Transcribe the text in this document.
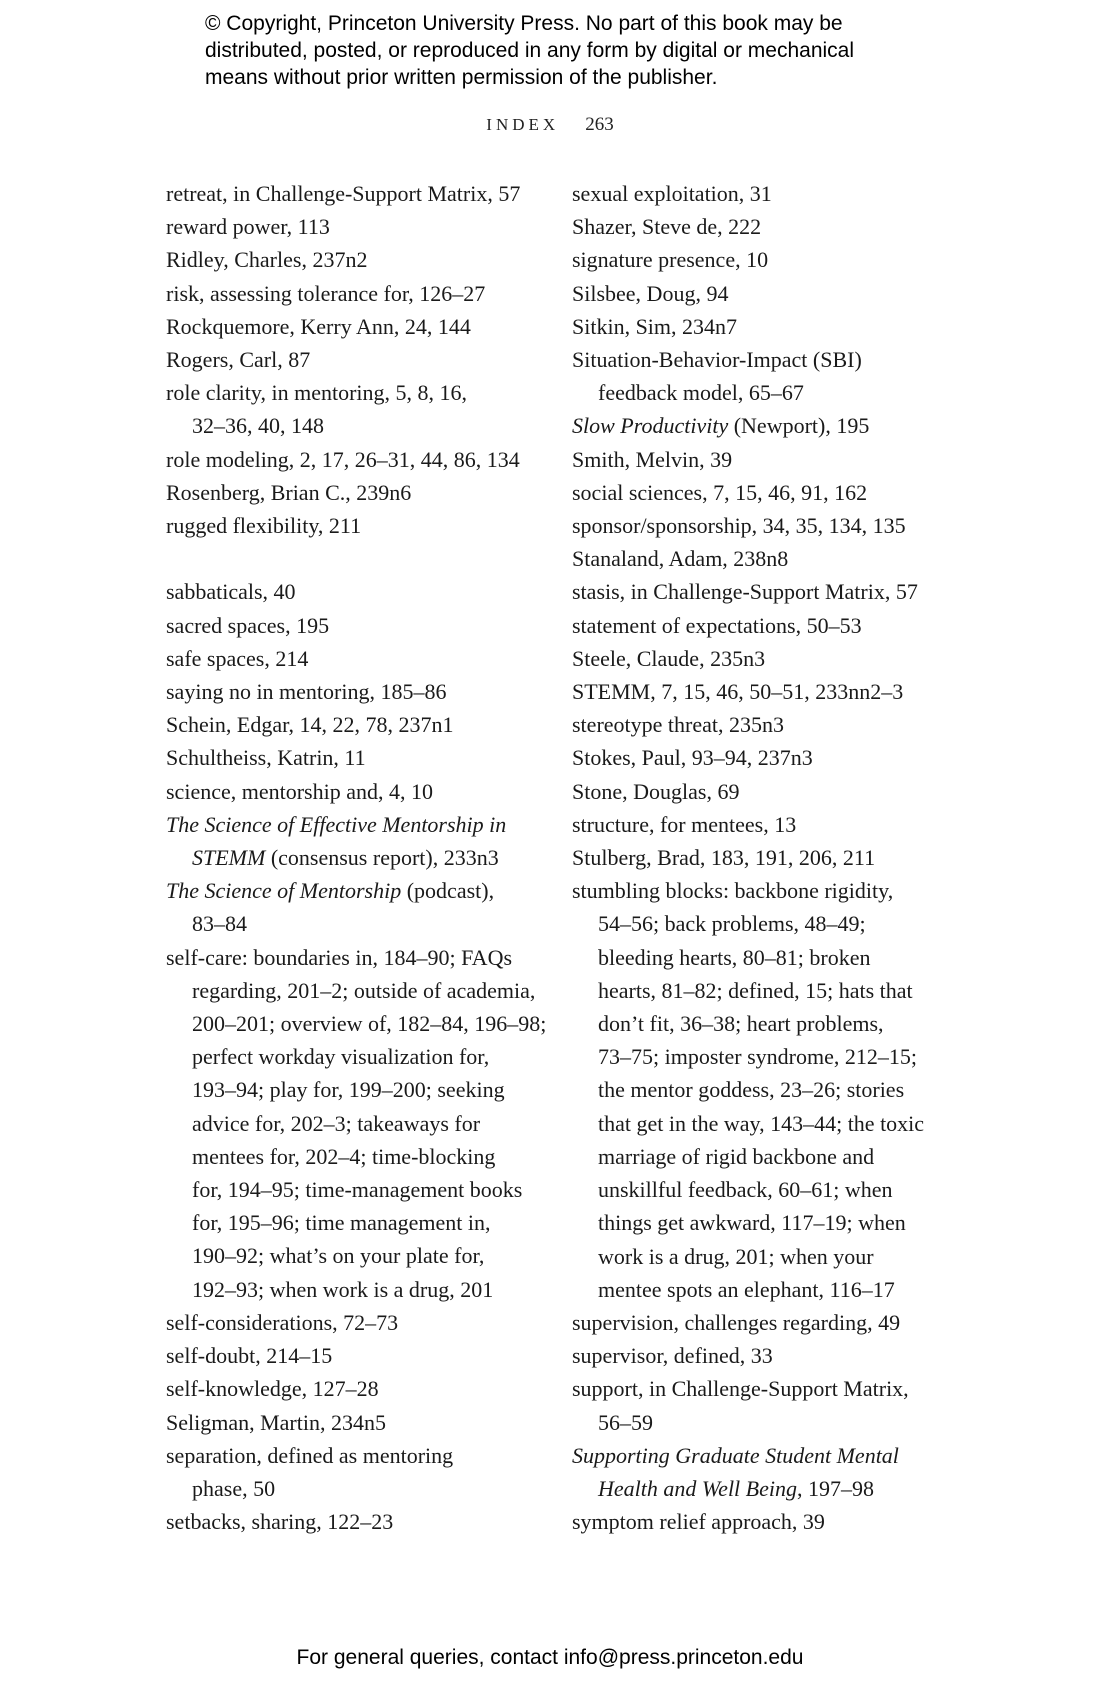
© Copyright, Princeton University Press. No part of this book may be
distributed, posted, or reproduced in any form by digital or mechanical
means without prior written permission of the publisher.
INDEX 263
retreat, in Challenge-Support Matrix, 57
reward power, 113
Ridley, Charles, 237n2
risk, assessing tolerance for, 126–27
Rockquemore, Kerry Ann, 24, 144
Rogers, Carl, 87
role clarity, in mentoring, 5, 8, 16,
32–36, 40, 148
role modeling, 2, 17, 26–31, 44, 86, 134
Rosenberg, Brian C., 239n6
rugged flexibility, 211
sabbaticals, 40
sacred spaces, 195
safe spaces, 214
saying no in mentoring, 185–86
Schein, Edgar, 14, 22, 78, 237n1
Schultheiss, Katrin, 11
science, mentorship and, 4, 10
The Science of Effective Mentorship in
STEMM (consensus report), 233n3
The Science of Mentorship (podcast),
83–84
self-care: boundaries in, 184–90; FAQs
regarding, 201–2; outside of academia,
200–201; overview of, 182–84, 196–98;
perfect workday visualization for,
193–94; play for, 199–200; seeking
advice for, 202–3; takeaways for
mentees for, 202–4; time-blocking
for, 194–95; time-management books
for, 195–96; time management in,
190–92; what’s on your plate for,
192–93; when work is a drug, 201
self-considerations, 72–73
self-doubt, 214–15
self-knowledge, 127–28
Seligman, Martin, 234n5
separation, defined as mentoring
phase, 50
setbacks, sharing, 122–23
sexual exploitation, 31
Shazer, Steve de, 222
signature presence, 10
Silsbee, Doug, 94
Sitkin, Sim, 234n7
Situation-Behavior-Impact (SBI)
feedback model, 65–67
Slow Productivity (Newport), 195
Smith, Melvin, 39
social sciences, 7, 15, 46, 91, 162
sponsor/sponsorship, 34, 35, 134, 135
Stanaland, Adam, 238n8
stasis, in Challenge-Support Matrix, 57
statement of expectations, 50–53
Steele, Claude, 235n3
STEMM, 7, 15, 46, 50–51, 233nn2–3
stereotype threat, 235n3
Stokes, Paul, 93–94, 237n3
Stone, Douglas, 69
structure, for mentees, 13
Stulberg, Brad, 183, 191, 206, 211
stumbling blocks: backbone rigidity,
54–56; back problems, 48–49;
bleeding hearts, 80–81; broken
hearts, 81–82; defined, 15; hats that
don’t fit, 36–38; heart problems,
73–75; imposter syndrome, 212–15;
the mentor goddess, 23–26; stories
that get in the way, 143–44; the toxic
marriage of rigid backbone and
unskillful feedback, 60–61; when
things get awkward, 117–19; when
work is a drug, 201; when your
mentee spots an elephant, 116–17
supervision, challenges regarding, 49
supervisor, defined, 33
support, in Challenge-Support Matrix,
56–59
Supporting Graduate Student Mental
Health and Well Being, 197–98
symptom relief approach, 39
For general queries, contact info@press.princeton.edu
